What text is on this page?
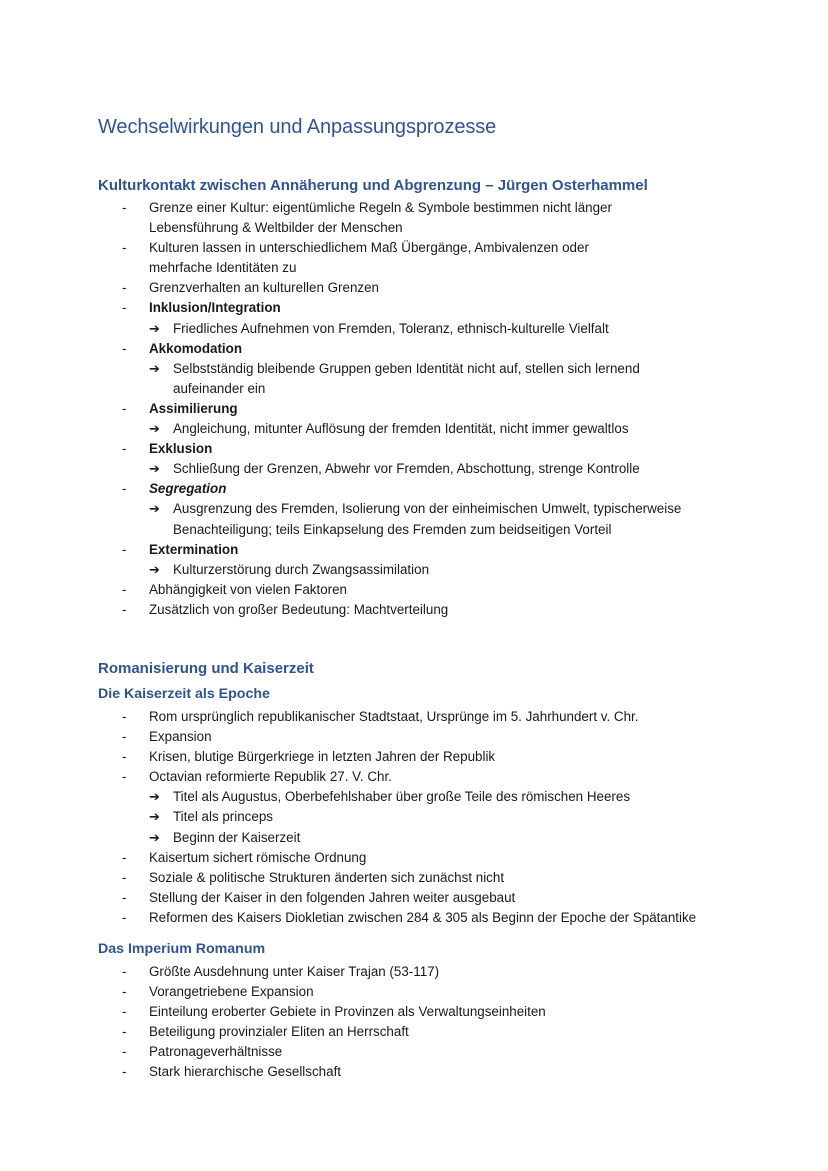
Wechselwirkungen und Anpassungsprozesse
Kulturkontakt zwischen Annäherung und Abgrenzung – Jürgen Osterhammel
-	Grenze einer Kultur: eigentümliche Regeln & Symbole bestimmen nicht länger Lebensführung & Weltbilder der Menschen
-	Kulturen lassen in unterschiedlichem Maß Übergänge, Ambivalenzen oder mehrfache Identitäten zu
-	Grenzverhalten an kulturellen Grenzen
-	Inklusion/Integration
➔ Friedliches Aufnehmen von Fremden, Toleranz, ethnisch-kulturelle Vielfalt
-	Akkomodation
➔ Selbstständig bleibende Gruppen geben Identität nicht auf, stellen sich lernend aufeinander ein
-	Assimilierung
➔ Angleichung, mitunter Auflösung der fremden Identität, nicht immer gewaltlos
-	Exklusion
➔ Schließung der Grenzen, Abwehr vor Fremden, Abschottung, strenge Kontrolle
-	Segregation
➔ Ausgrenzung des Fremden, Isolierung von der einheimischen Umwelt, typischerweise Benachteiligung; teils Einkapselung des Fremden zum beidseitigen Vorteil
-	Extermination
➔ Kulturzerstörung durch Zwangsassimilation
-	Abhängigkeit von vielen Faktoren
-	Zusätzlich von großer Bedeutung: Machtverteilung
Romanisierung und Kaiserzeit
Die Kaiserzeit als Epoche
-	Rom ursprünglich republikanischer Stadtstaat, Ursprünge im 5. Jahrhundert v. Chr.
-	Expansion
-	Krisen, blutige Bürgerkriege in letzten Jahren der Republik
-	Octavian reformierte Republik 27. V. Chr.
➔ Titel als Augustus, Oberbefehlshaber über große Teile des römischen Heeres
➔ Titel als princeps
➔ Beginn der Kaiserzeit
-	Kaisertum sichert römische Ordnung
-	Soziale & politische Strukturen änderten sich zunächst nicht
-	Stellung der Kaiser in den folgenden Jahren weiter ausgebaut
-	Reformen des Kaisers Diokletian zwischen 284 & 305 als Beginn der Epoche der Spätantike
Das Imperium Romanum
-	Größte Ausdehnung unter Kaiser Trajan (53-117)
-	Vorangetriebene Expansion
-	Einteilung eroberter Gebiete in Provinzen als Verwaltungseinheiten
-	Beteiligung provinzialer Eliten an Herrschaft
-	Patronageverhältnisse
-	Stark hierarchische Gesellschaft
